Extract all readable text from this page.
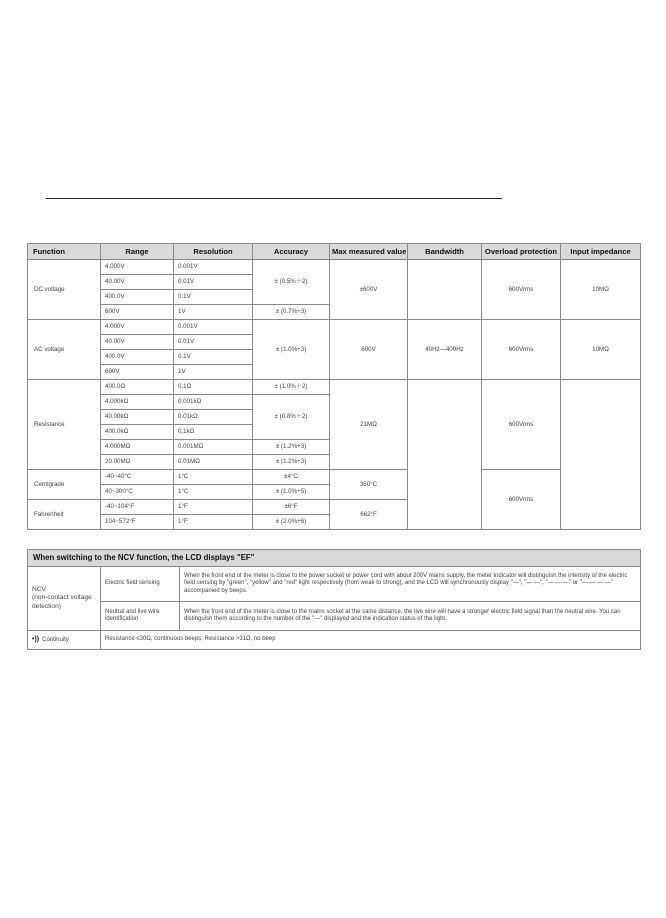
Function	Range	Resolution	Accuracy	Max measured value	Bandwidth	Overload protection	Input impedance
DC voltage	4.000V	0.001V	± (0.5%＋2)	±600V		600Vrms	10MΩ
	40.00V	0.01V					
	400.0V	0.1V					
	600V	1V	± (0.7%+3)				
AC voltage	4.000V	0.001V	± (1.0%+3)	600V	40Hz—400Hz	600Vrms	10MΩ
	40.00V	0.01V					
	400.0V	0.1V					
	600V	1V					
Resistance	400.0Ω	0.1Ω	± (1.0%＋2)	21MΩ		600Vrms	
	4.000kΩ	0.001kΩ	± (0.8%＋2)				
	40.00kΩ	0.01kΩ					
	400.0kΩ	0.1kΩ					
	4.000MΩ	0.001MΩ	± (1.2%+3)				
	20.00MΩ	0.01MΩ	± (1.2%+3)				
Centigrade	-40~40°C	1°C	±4°C	350°C		600Vrms	
	40~300°C	1°C	± (1.0%+5)				
Fahrenheit	-40~104°F	1°F	±6°F	662°F			
	104~572°F	1°F	± (2.0%+6)				
When switching to the NCV function, the LCD displays "EF"		
NCV
(non-contact voltage detection)	Electric field sensing	When the front end of the meter is close to the power socket or power cord with about 200V mains supply, the meter indicator will distinguish the intensity of the electric field sensing by "green", "yellow" and "red" light respectively (from weak to strong), and the LCD will synchronously display "—", "— —", "— — —" or "— — — —" accompanied by beeps.
	Neutral and live wire identification	When the front end of the meter is close to the mains socket at the same distance, the live wire will have a stronger electric field signal than the neutral wire. You can distinguish them according to the number of the "—" displayed and the indication status of the light.
•)) Continuity	Resistance ≤30Ω, continuous beeps; Resistance >31Ω, no beep	
